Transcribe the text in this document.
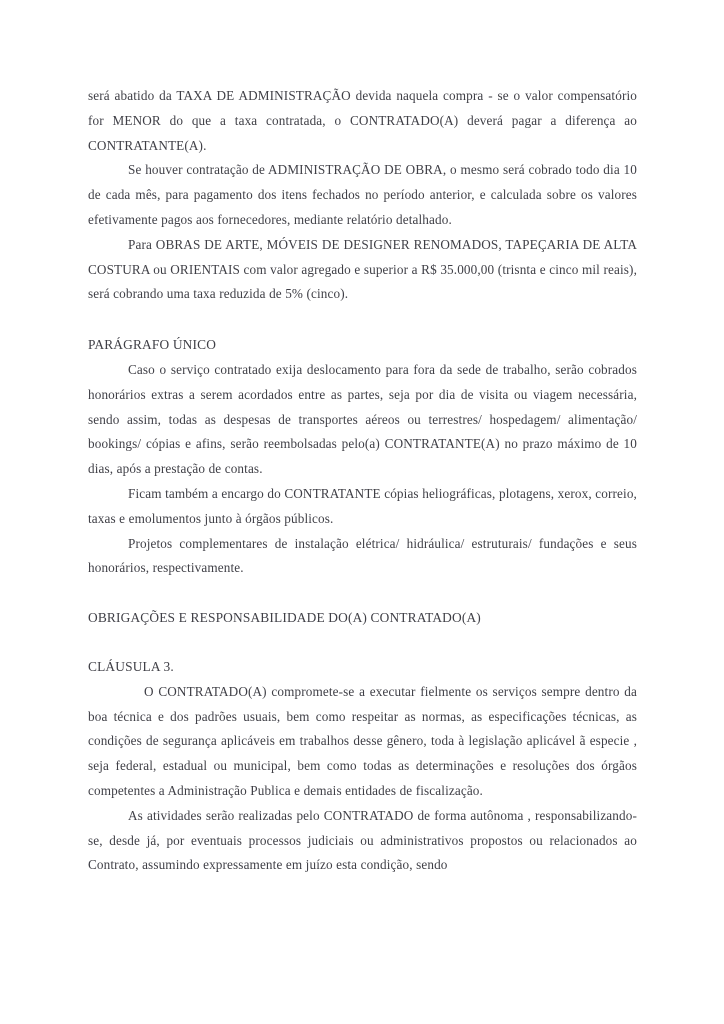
será abatido da TAXA DE ADMINISTRAÇÃO devida naquela compra - se o valor compensatório for MENOR do que a taxa contratada, o CONTRATADO(A) deverá pagar a diferença ao CONTRATANTE(A).

Se houver contratação de ADMINISTRAÇÃO DE OBRA, o mesmo será cobrado todo dia 10 de cada mês, para pagamento dos itens fechados no período anterior, e calculada sobre os valores efetivamente pagos aos fornecedores, mediante relatório detalhado.

Para OBRAS DE ARTE, MÓVEIS DE DESIGNER RENOMADOS, TAPEÇARIA DE ALTA COSTURA ou ORIENTAIS com valor agregado e superior a R$ 35.000,00 (trisnta e cinco mil reais), será cobrando uma taxa reduzida de 5% (cinco).

PARÁGRAFO ÚNICO

Caso o serviço contratado exija deslocamento para fora da sede de trabalho, serão cobrados honorários extras a serem acordados entre as partes, seja por dia de visita ou viagem necessária, sendo assim, todas as despesas de transportes aéreos ou terrestres/ hospedagem/ alimentação/ bookings/ cópias e afins, serão reembolsadas pelo(a) CONTRATANTE(A) no prazo máximo de 10 dias, após a prestação de contas.

Ficam também a encargo do CONTRATANTE cópias heliográficas, plotagens, xerox, correio, taxas e emolumentos junto à órgãos públicos.

Projetos complementares de instalação elétrica/ hidráulica/ estruturais/ fundações e seus honorários, respectivamente.

OBRIGAÇÕES E RESPONSABILIDADE DO(A) CONTRATADO(A)
CLÁUSULA 3.

O CONTRATADO(A) compromete-se a executar fielmente os serviços sempre dentro da boa técnica e dos padrões usuais, bem como respeitar as normas, as especificações técnicas, as condições de segurança aplicáveis em trabalhos desse gênero, toda à legislação aplicável ã especie , seja federal, estadual ou municipal, bem como todas as determinações e resoluções dos órgãos competentes a Administração Publica e demais entidades de fiscalização.

As atividades serão realizadas pelo CONTRATADO de forma autônoma , responsabilizando-se, desde já, por eventuais processos judiciais ou administrativos propostos ou relacionados ao Contrato, assumindo expressamente em juízo esta condição, sendo
